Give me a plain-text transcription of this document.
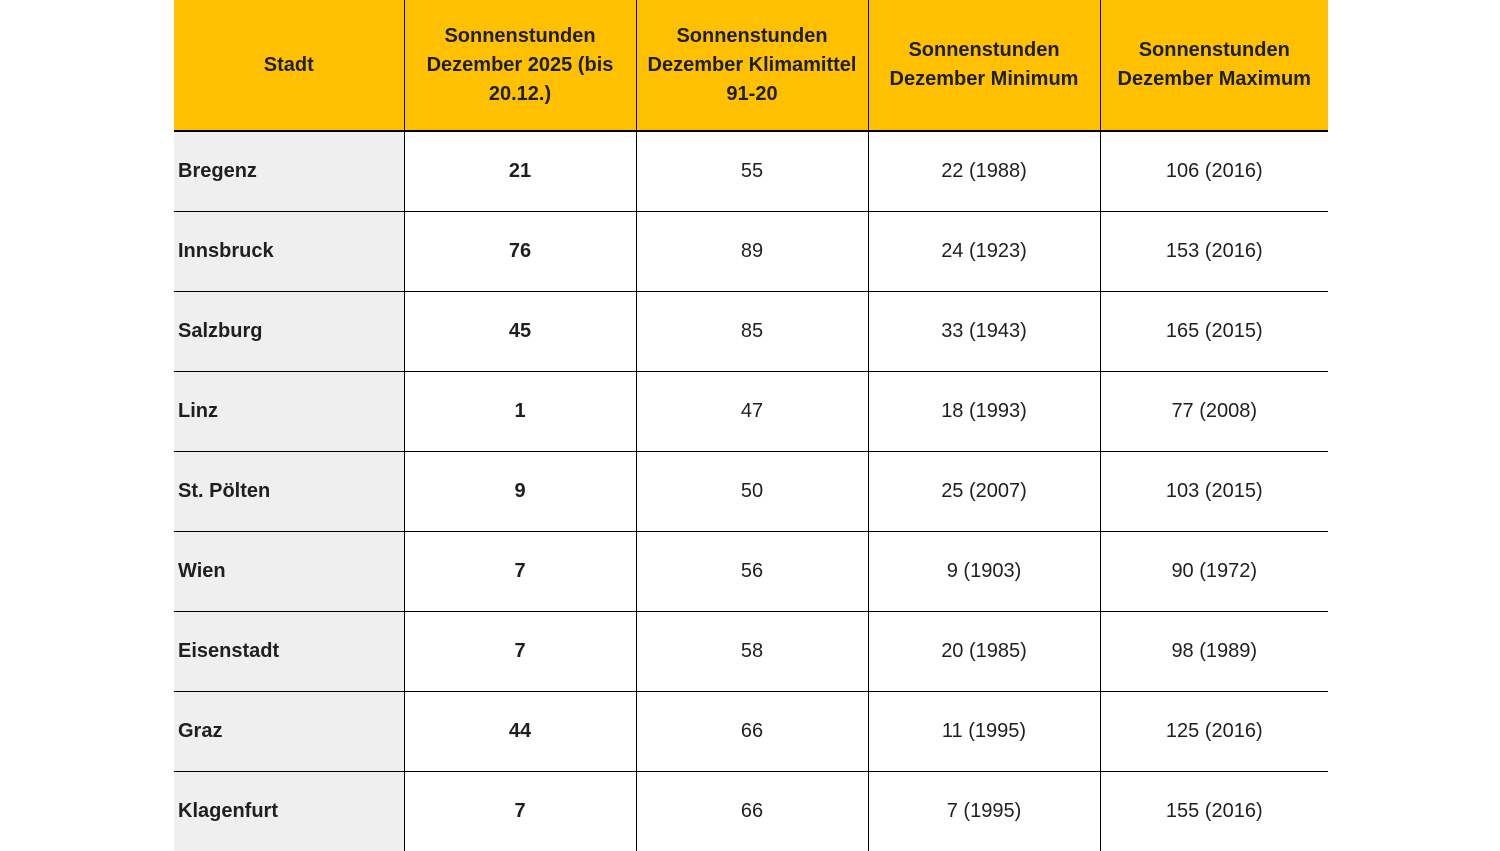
Stadt	Sonnenstunden Dezember 2025 (bis 20.12.)	Sonnenstunden Dezember Klimamittel 91-20	Sonnenstunden Dezember Minimum	Sonnenstunden Dezember Maximum
Bregenz	21	55	22 (1988)	106 (2016)
Innsbruck	76	89	24 (1923)	153 (2016)
Salzburg	45	85	33 (1943)	165 (2015)
Linz	1	47	18 (1993)	77 (2008)
St. Pölten	9	50	25 (2007)	103 (2015)
Wien	7	56	9 (1903)	90 (1972)
Eisenstadt	7	58	20 (1985)	98 (1989)
Graz	44	66	11 (1995)	125 (2016)
Klagenfurt	7	66	7 (1995)	155 (2016)
